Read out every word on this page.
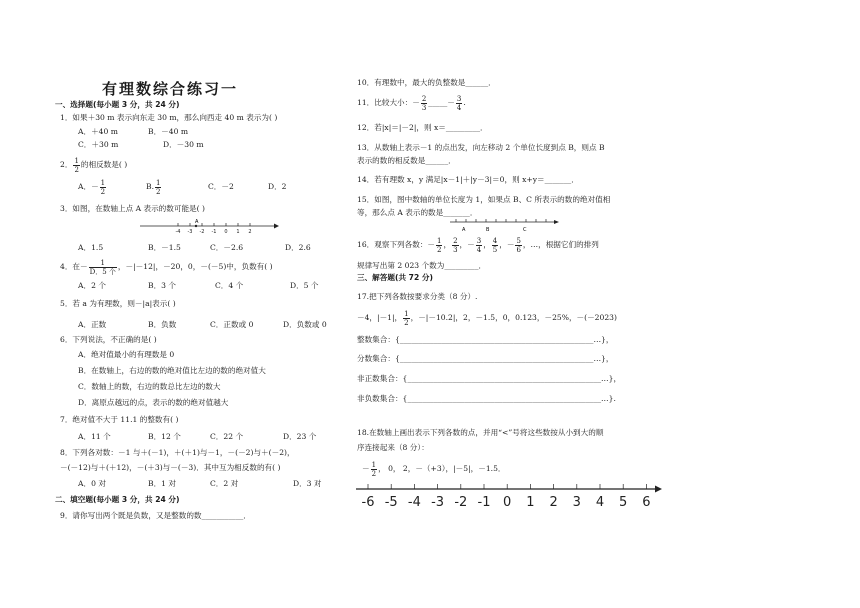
有理数综合练习一
一、选择题(每小题 3 分，共 24 分)
1．如果＋30 m 表示向东走 30 m，那么向西走 40 m 表示为( )
A．＋40 m	B．－40 m
C．＋30 m	D．－30 m
2． $\frac{1}{2}$ 的相反数是( )
A．－ $\frac{1}{2}$	B. $\frac{1}{2}$	C．－2	D．2
3．如图，在数轴上点 A 表示的数可能是( )
-4 -3 -2 -1 0 1 2
A
A．1.5	B．－1.5	C．－2.6	D．2.6
4．在－ $\frac{1}{\text{D．5 个}}$ ，－|－12|，－20，0，－(－5)中，负数有( )
A．2 个	B．3 个	C．4 个	D．5 个
5．若 a 为有理数，则－|a|表示( )
A．正数	B．负数	C．正数或 0	D．负数或 0
6．下列说法，不正确的是( )
A．绝对值最小的有理数是 0
B．在数轴上，右边的数的绝对值比左边的数的绝对值大
C．数轴上的数，右边的数总比左边的数大
D．离原点越远的点，表示的数的绝对值越大
7．绝对值不大于 11.1 的整数有( )
A．11 个	B．12 个	C．22 个	D．23 个
8．下列各对数：－1 与＋(－1)，＋(＋1)与－1，－(－2)与＋(－2)，
－(－12)与＋(＋12)，－(＋3)与－(－3)．其中互为相反数的有( )
A．0 对	B．1 对	C．2 对	D．3 对
二、填空题(每小题 3 分，共 24 分)
9．请你写出两个既是负数，又是整数的数___________．
10．有理数中，最大的负整数是______．
11．比较大小：－ $\frac{2}{3}$ _____－ $\frac{3}{4}$ .
12．若|x|＝|－2|，则 x＝_________．
13．从数轴上表示－1 的点出发，向左移动 2 个单位长度到点 B，则点 B
表示的数的相反数是______．
14．若有理数 x，y 满足|x－1|＋|y－3|＝0，则 x+y＝_______．
15．如图，图中数轴的单位长度为 1，如果点 B、C 所表示的数的绝对值相
等，那么点 A 表示的数是_______．
A	B	C
16．观察下列各数：－ $\frac{1}{2}$ ， $\frac{2}{3}$ ，－ $\frac{3}{4}$ ， $\frac{4}{5}$ ，－ $\frac{5}{6}$ ，…，根据它们的排列
规律写出第 2 023 个数为_________．
三、解答题(共 72 分)
17.把下列各数按要求分类（8 分）.
－4，|－1|， $\frac{1}{2}$ ，－|－10.2|，2，－1.5，0，0.123，－25%，－(－2023)
整数集合：{___________________________________________________…}，
分数集合：{___________________________________________________…}，
非正数集合：{___________________________________________________…}，
非负数集合：{___________________________________________________…}.
18.在数轴上画出表示下列各数的点，并用“<”号将这些数按从小到大的顺
序连接起来（8 分）：
－ $\frac{1}{2}$ ， 0， 2，－（+3），|－5|，－1.5．
-6 -5 -4 -3 -2 -1 0 1 2 3 4 5 6
